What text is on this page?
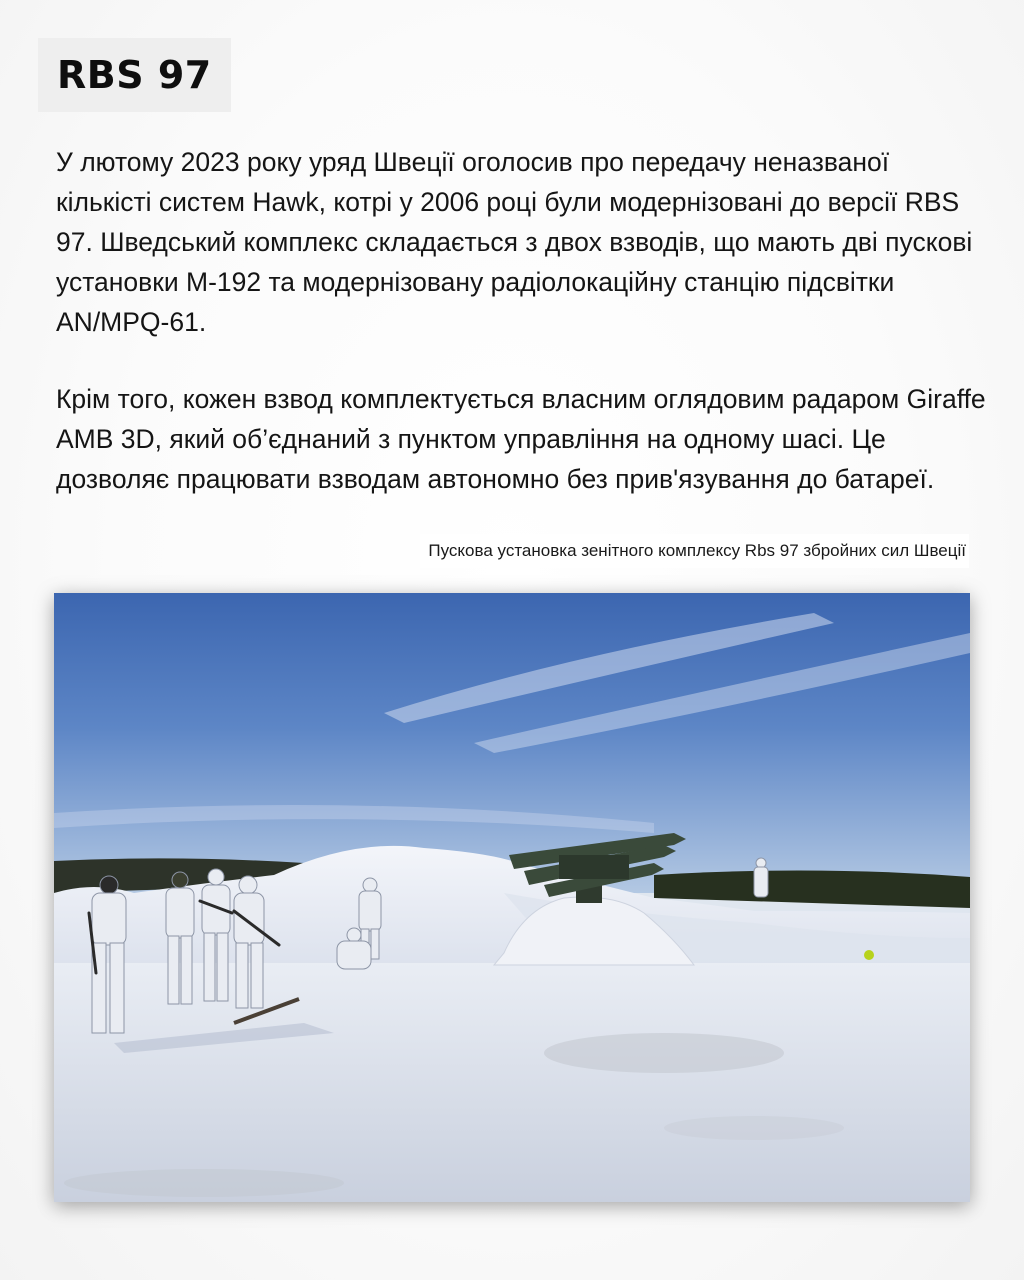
RBS 97

У лютому 2023 року уряд Швеції оголосив про передачу неназваної кількісті систем Hawk, котрі у 2006 році були модернізовані до версії RBS 97. Шведський комплекс складається з двох взводів, що мають дві пускові установки М-192 та модернізовану радіолокаційну станцію підсвітки AN/MPQ-61.

Крім того, кожен взвод комплектується власним оглядовим радаром Giraffe AMB 3D, який об’єднаний з пунктом управління на одному шасі. Це дозволяє працювати взводам автономно без прив'язування до батареї.

Пускова установка зенітного комплексу Rbs 97 збройних сил Швеції
